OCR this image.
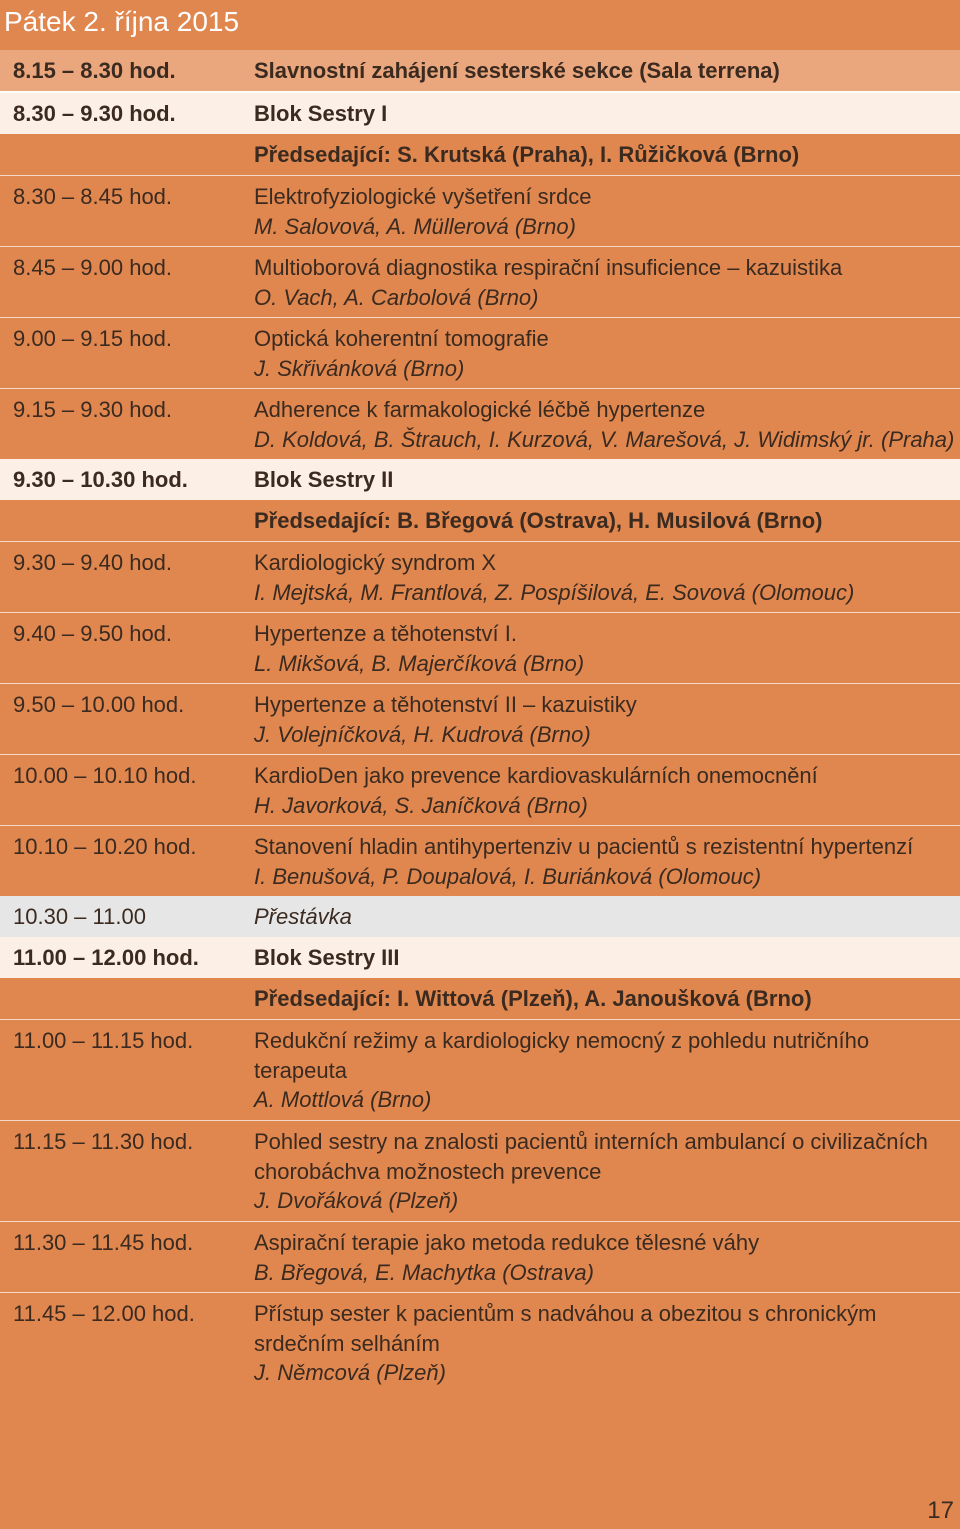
Pátek 2. října 2015
8.15 – 8.30 hod.	Slavnostní zahájení sesterské sekce (Sala terrena)
8.30 – 9.30 hod.	Blok Sestry I
Předsedající: S. Krutská (Praha), I. Růžičková (Brno)
8.30 – 8.45 hod.	Elektrofyziologické vyšetření srdce
M. Salovová, A. Müllerová (Brno)
8.45 – 9.00 hod.	Multioborová diagnostika respirační insuficience – kazuistika
O. Vach, A. Carbolová (Brno)
9.00 – 9.15 hod.	Optická koherentní tomografie
J. Skřivánková (Brno)
9.15 – 9.30 hod.	Adherence k farmakologické léčbě hypertenze
D. Koldová, B. Štrauch, I. Kurzová, V. Marešová, J. Widimský jr. (Praha)
9.30 – 10.30 hod.	Blok Sestry II
Předsedající: B. Břegová (Ostrava), H. Musilová (Brno)
9.30 – 9.40 hod.	Kardiologický syndrom X
I. Mejtská, M. Frantlová, Z. Pospíšilová, E. Sovová (Olomouc)
9.40 – 9.50 hod.	Hypertenze a těhotenství I.
L. Mikšová, B. Majerčíková (Brno)
9.50 – 10.00 hod.	Hypertenze a těhotenství II – kazuistiky
J. Volejníčková, H. Kudrová (Brno)
10.00 – 10.10 hod.	KardioDen jako prevence kardiovaskulárních onemocnění
H. Javorková, S. Janíčková (Brno)
10.10 – 10.20 hod.	Stanovení hladin antihypertenziv u pacientů s rezistentní hypertenzí
I. Benušová, P. Doupalová, I. Buriánková (Olomouc)
10.30 – 11.00	Přestávka
11.00 – 12.00 hod.	Blok Sestry III
Předsedající: I. Wittová (Plzeň), A. Janoušková (Brno)
11.00 – 11.15 hod.	Redukční režimy a kardiologicky nemocný z pohledu nutričního terapeuta
A. Mottlová (Brno)
11.15 – 11.30 hod.	Pohled sestry na znalosti pacientů interních ambulancí o civilizačních chorobáchva možnostech prevence
J. Dvořáková (Plzeň)
11.30 – 11.45 hod.	Aspirační terapie jako metoda redukce tělesné váhy
B. Břegová, E. Machytka (Ostrava)
11.45 – 12.00 hod.	Přístup sester k pacientům s nadváhou a obezitou s chronickým srdečním selháním
J. Němcová (Plzeň)
17
